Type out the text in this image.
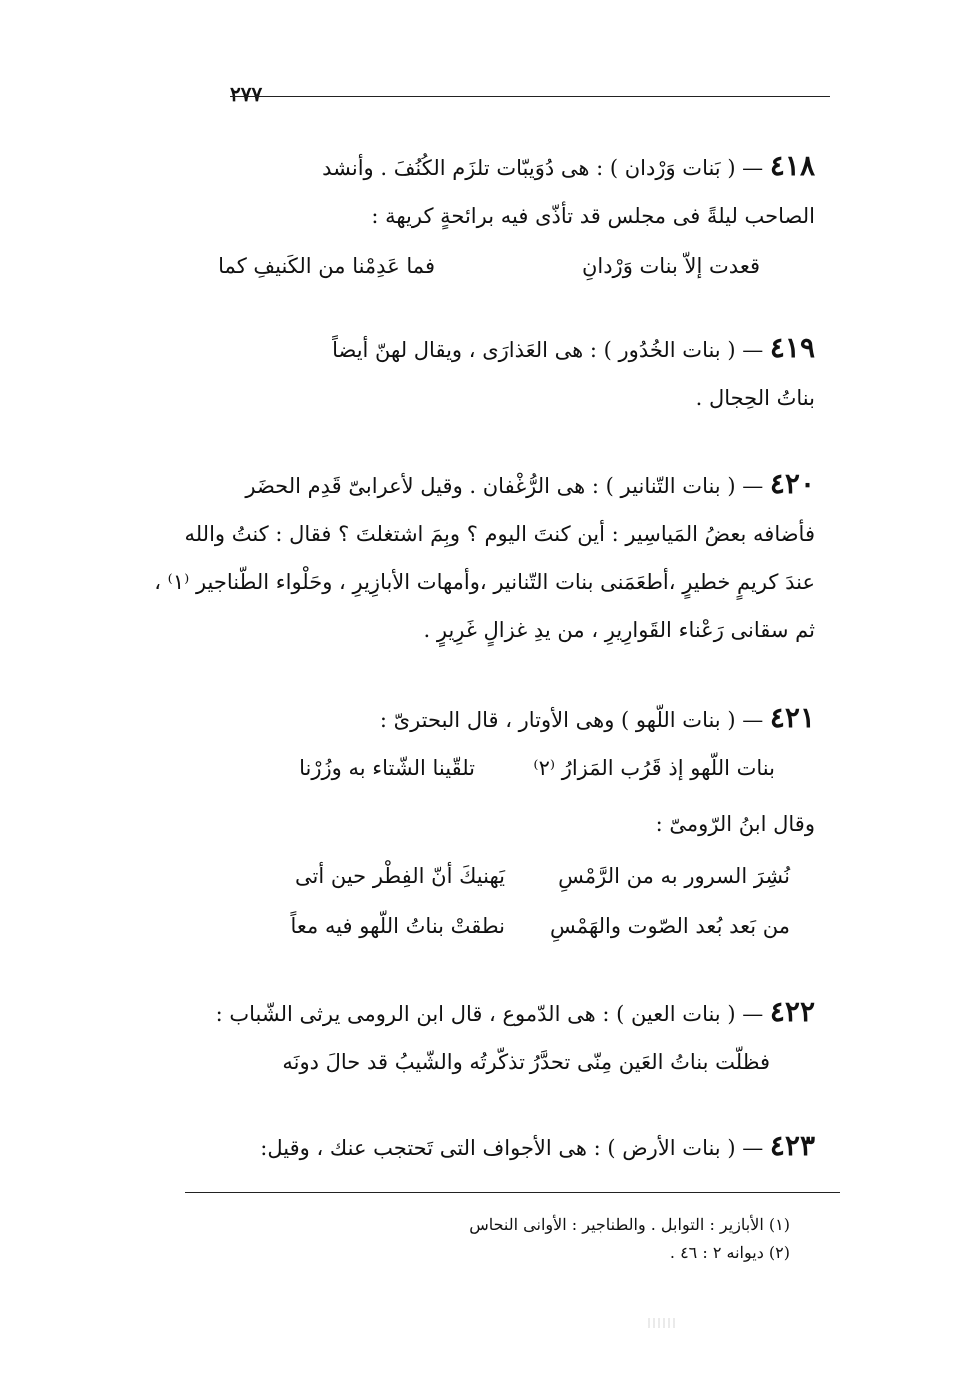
٢٧٧
٤١٨ — ( بَنات وَرْدان ) : هى دُوَيبّات تلزَم الكُنُفَ . وأنشد
الصاحب ليلةً فى مجلس قد تأذّى فيه برائحةٍ كريهة :
فما عَدِمْنا من الكَنيفِ كما	قعدت إلاّ بنات وَرْدانِ
٤١٩ — ( بنات الخُدُور ) : هى العَذارَى ، ويقال لهنّ أيضاً
بناتُ الحِجال .
٤٢٠ — ( بنات التّنانير ) : هى الرُّغْفان . وقيل لأعرابىّ قَدِم الحضَر
فأضافه بعضُ المَياسِير : أين كنتَ اليوم ؟ وبِمَ اشتغلتَ ؟ فقال : كنتُ والله
عندَ كريمٍ خطيرٍ ،أطعَمَنى بنات التّنانير ،وأمهات الأبازِيرِ ، وحَلْواء الطّناجير ⁽١⁾ ،
ثم سقانى رَعْناء القَوارِيرِ ، من يدِ غزالٍ غَرِيرٍ .
٤٢١ — ( بنات اللّهو ) وهى الأوتار ، قال البحترىّ :
تلقّينا الشّتاء به وزُرْنا	بنات اللّهو إذ قَرُب المَزارُ ⁽٢⁾
وقال ابنُ الرّومىّ :
يَهنيكَ أنّ الفِطْر حين أتى	نُشِرَ السرور به من الرَّمْسِ
نطقتْ بناتُ اللّهو فيه معاً من بَعد بُعد الصّوت والهَمْسِ
٤٢٢ — ( بنات العين ) : هى الدّموع ، قال ابن الرومى يرثى الشّباب :
تذكّرتُه والشّيبُ قد حالَ دونَه فظلّت بناتُ العَين مِنّى تحدَّرُ
٤٢٣ — ( بنات الأرض ) : هى الأجواف التى تَحتجب عنك ، وقيل:
(١) الأبازير : التوابل . والطناجير : الأوانى النحاس
(٢) ديوانه ٢ : ٤٦ .
